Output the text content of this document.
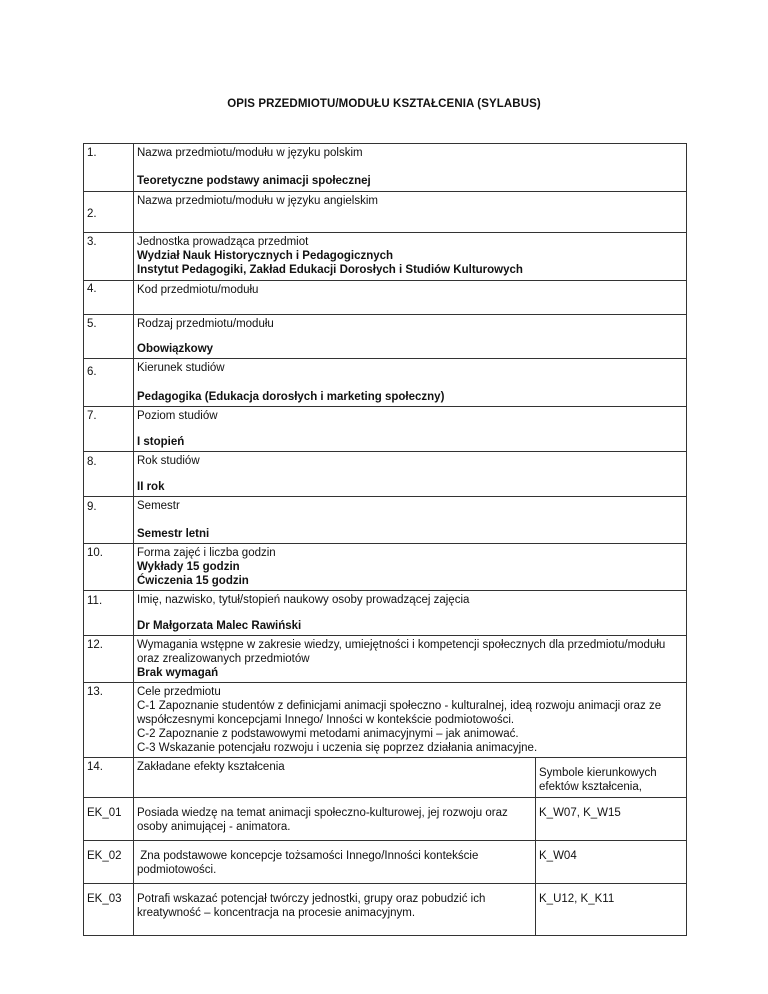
OPIS PRZEDMIOTU/MODUŁU KSZTAŁCENIA (SYLABUS)
1.	Nazwa przedmiotu/modułu w języku polskim
Teoretyczne podstawy animacji społecznej	

2.	Nazwa przedmiotu/modułu w języku angielskim	

3.	Jednostka prowadząca przedmiot
Wydział Nauk Historycznych i Pedagogicznych
Instytut Pedagogiki, Zakład Edukacji Dorosłych i Studiów Kulturowych	

4.	Kod przedmiotu/modułu	

5.	Rodzaj przedmiotu/modułu
Obowiązkowy	

6.	Kierunek studiów
Pedagogika (Edukacja dorosłych i marketing społeczny)	

7.	Poziom studiów
I stopień	

8.	Rok studiów
II rok	

9.	Semestr
Semestr letni	

10.	Forma zajęć i liczba godzin
Wykłady 15 godzin
Ćwiczenia 15 godzin	

11.	Imię, nazwisko, tytuł/stopień naukowy osoby prowadzącej zajęcia
Dr Małgorzata Malec Rawiński	

12.	Wymagania wstępne w zakresie wiedzy, umiejętności i kompetencji społecznych dla przedmiotu/modułu oraz zrealizowanych przedmiotów
Brak wymagań	

13.	Cele przedmiotu
C-1 Zapoznanie studentów z definicjami animacji społeczno - kulturalnej, ideą rozwoju animacji oraz ze współczesnymi koncepcjami Innego/ Inności w kontekście podmiotowości.
C-2 Zapoznanie z podstawowymi metodami animacyjnymi – jak animować.
C-3 Wskazanie potencjału rozwoju i uczenia się poprzez działania animacyjne.	

14.	Zakładane efekty kształcenia	Symbole kierunkowych efektów kształcenia,

EK_01	Posiada wiedzę na temat animacji społeczno-kulturowej, jej rozwoju oraz osoby animującej - animatora.	K_W07, K_W15
EK_02	Zna podstawowe koncepcje tożsamości Innego/Inności kontekście podmiotowości.	K_W04
EK_03	Potrafi wskazać potencjał twórczy jednostki, grupy oraz pobudzić ich kreatywność – koncentracja na procesie animacyjnym.	K_U12, K_K11
